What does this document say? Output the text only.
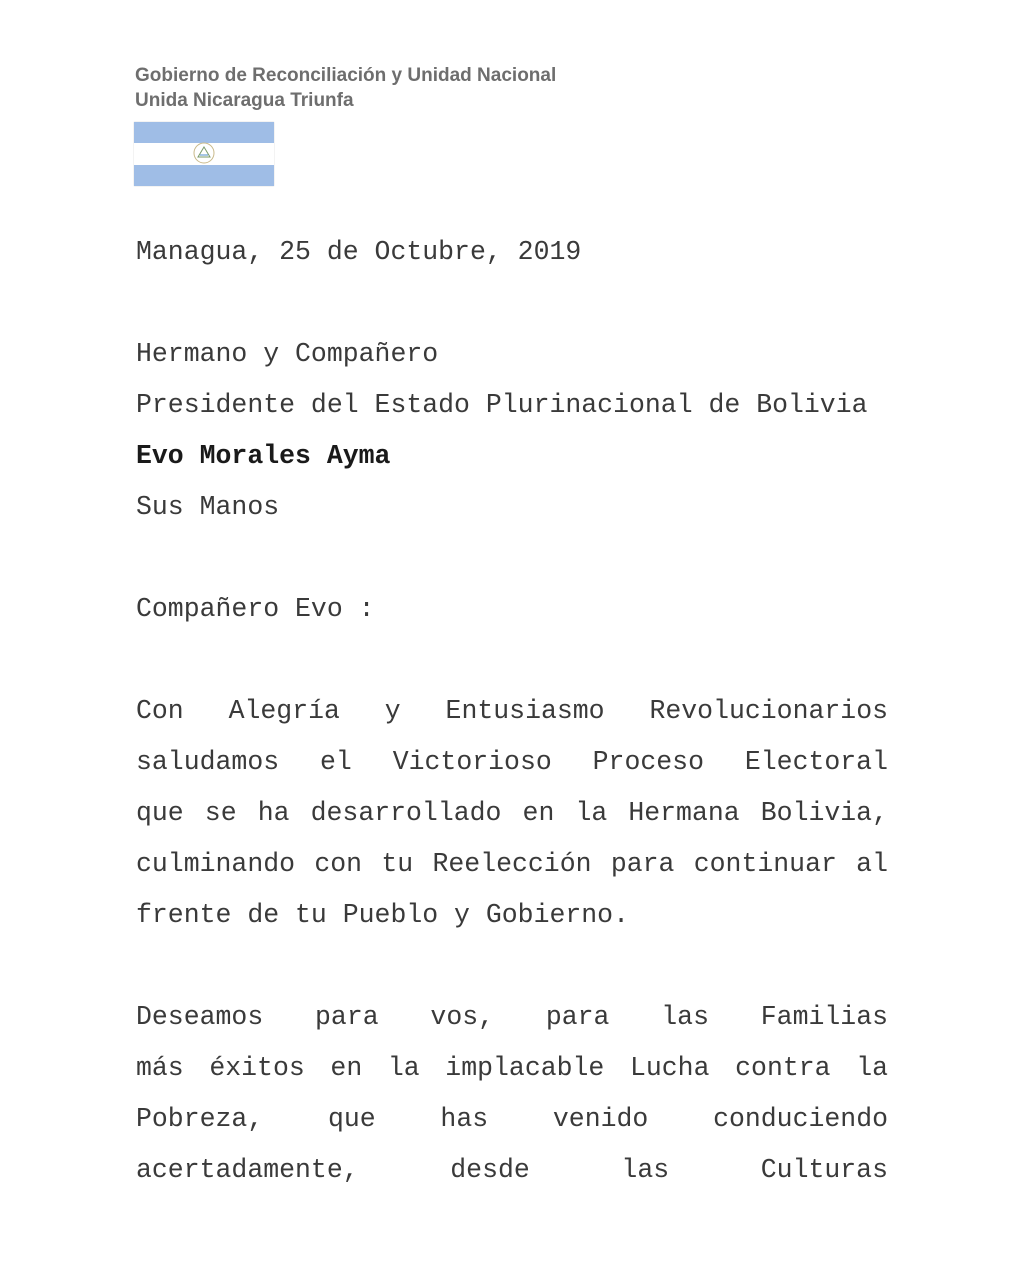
Gobierno de Reconciliación y Unidad Nacional
Unida Nicaragua Triunfa
Managua, 25 de Octubre, 2019
Hermano y Compañero
Presidente del Estado Plurinacional de Bolivia
Evo Morales Ayma
Sus Manos
Compañero Evo :
Con Alegría y Entusiasmo Revolucionarios
saludamos el Victorioso Proceso Electoral
que se ha desarrollado en la Hermana Bolivia,
culminando con tu Reelección para continuar al
frente de tu Pueblo y Gobierno.
Deseamos para vos, para las Familias
más éxitos en la implacable Lucha contra la
Pobreza, que has venido conduciendo
acertadamente, desde las Culturas
